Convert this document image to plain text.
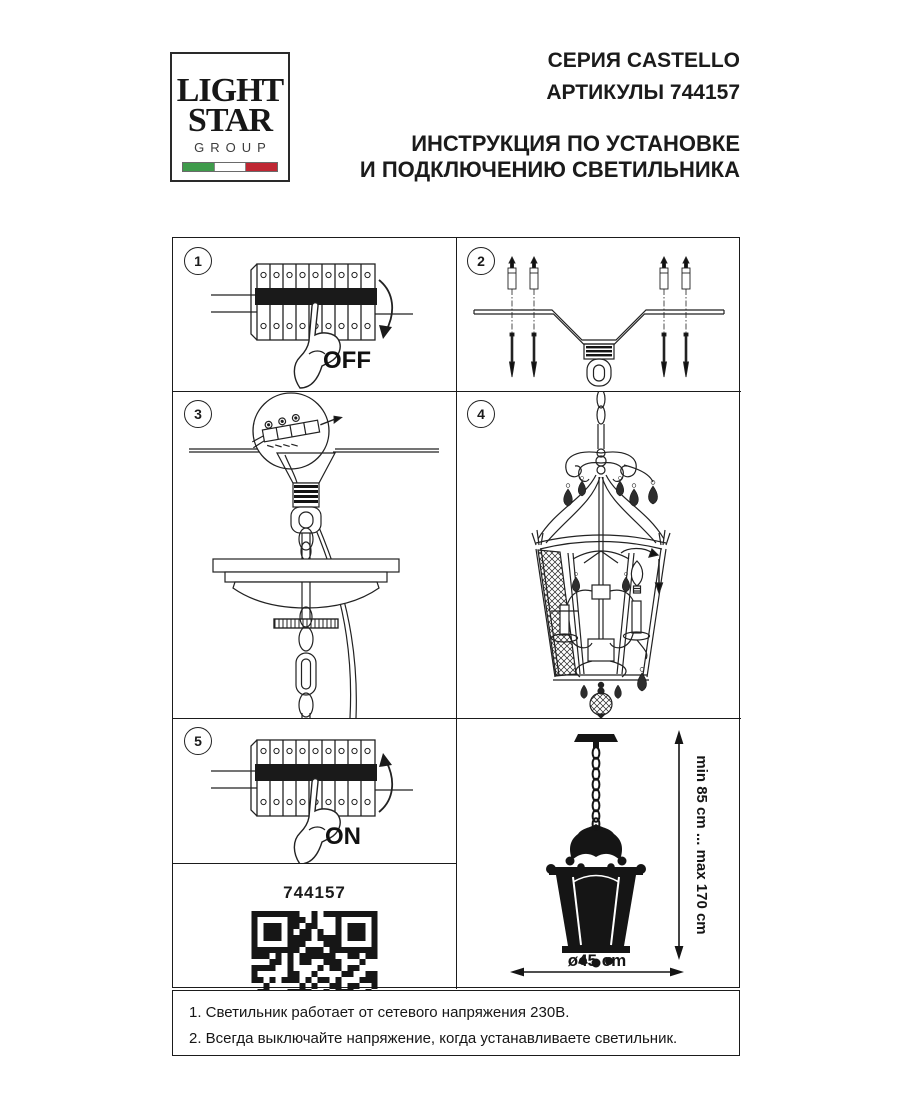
LIGHT
STAR
GROUP
СЕРИЯ CASTELLO
АРТИКУЛЫ 744157
ИНСТРУКЦИЯ ПО УСТАНОВКЕ
И ПОДКЛЮЧЕНИЮ СВЕТИЛЬНИКА
1
OFF
2
3	4
5
ON
744157	min 85 cm ... max 170 cm
ø45 cm

1. Светильник работает от сетевого напряжения 230В.

2. Всегда выключайте напряжение, когда устанавливаете светильник.
